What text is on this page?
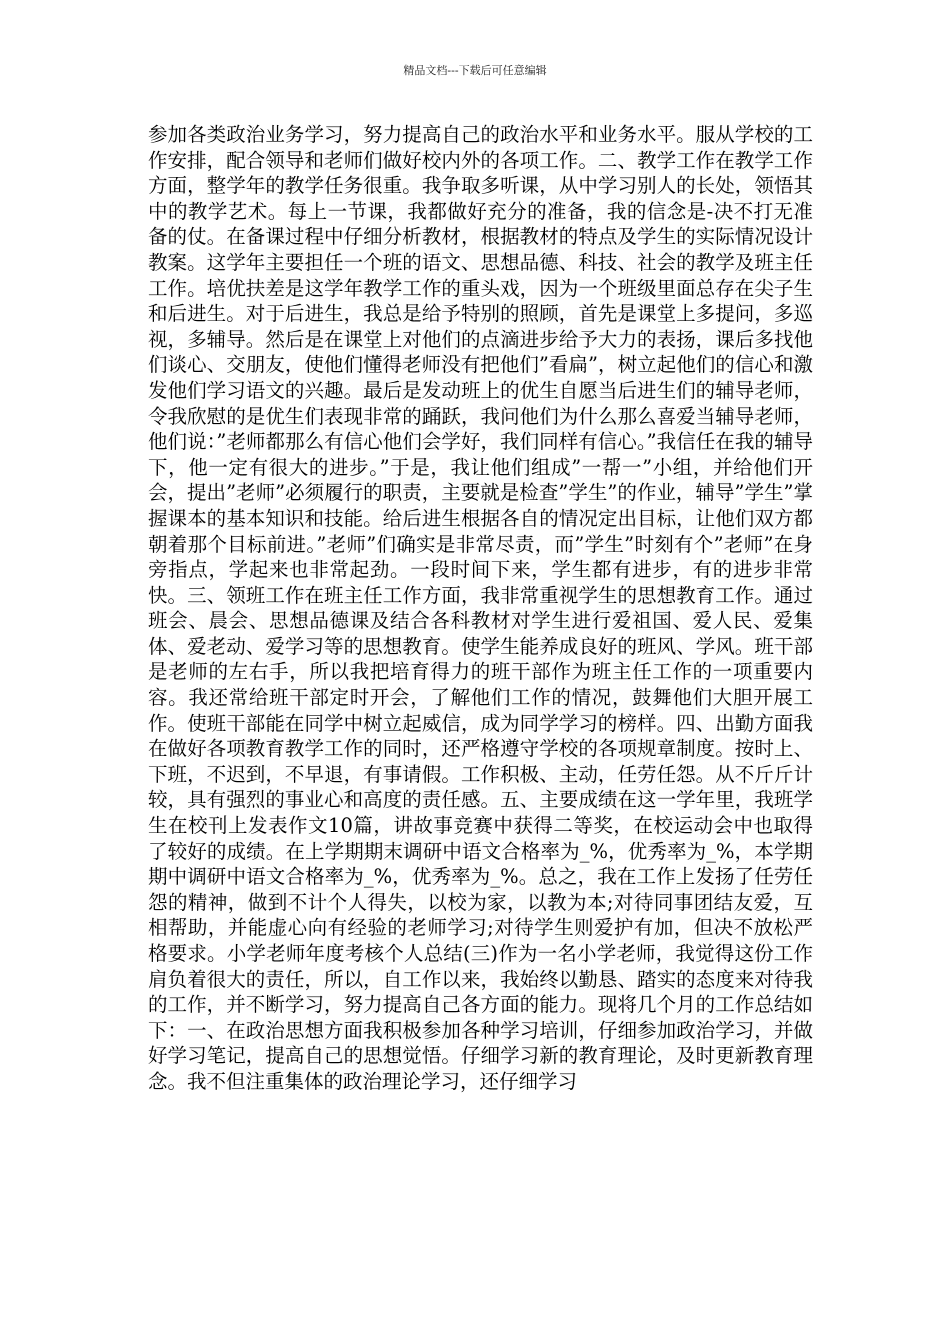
精品文档---下载后可任意编辑

参加各类政治业务学习，努力提高自己的政治水平和业务水平。服从学校的工作安排，配合领导和老师们做好校内外的各项工作。二、教学工作在教学工作方面，整学年的教学任务很重。我争取多听课，从中学习别人的长处，领悟其中的教学艺术。每上一节课，我都做好充分的准备，我的信念是-决不打无准备的仗。在备课过程中仔细分析教材，根据教材的特点及学生的实际情况设计教案。这学年主要担任一个班的语文、思想品德、科技、社会的教学及班主任工作。培优扶差是这学年教学工作的重头戏，因为一个班级里面总存在尖子生和后进生。对于后进生，我总是给予特别的照顾，首先是课堂上多提问，多巡视，多辅导。然后是在课堂上对他们的点滴进步给予大力的表扬，课后多找他们谈心、交朋友，使他们懂得老师没有把他们”看扁”，树立起他们的信心和激发他们学习语文的兴趣。最后是发动班上的优生自愿当后进生们的辅导老师，令我欣慰的是优生们表现非常的踊跃，我问他们为什么那么喜爱当辅导老师，他们说：”老师都那么有信心他们会学好，我们同样有信心。”我信任在我的辅导下，他一定有很大的进步。”于是，我让他们组成”一帮一”小组，并给他们开会，提出”老师”必须履行的职责，主要就是检查”学生”的作业，辅导”学生”掌握课本的基本知识和技能。给后进生根据各自的情况定出目标，让他们双方都朝着那个目标前进。”老师”们确实是非常尽责，而”学生”时刻有个”老师”在身旁指点，学起来也非常起劲。一段时间下来，学生都有进步，有的进步非常快。三、领班工作在班主任工作方面，我非常重视学生的思想教育工作。通过班会、晨会、思想品德课及结合各科教材对学生进行爱祖国、爱人民、爱集体、爱老动、爱学习等的思想教育。使学生能养成良好的班风、学风。班干部是老师的左右手，所以我把培育得力的班干部作为班主任工作的一项重要内容。我还常给班干部定时开会，了解他们工作的情况，鼓舞他们大胆开展工作。使班干部能在同学中树立起威信，成为同学学习的榜样。四、出勤方面我在做好各项教育教学工作的同时，还严格遵守学校的各项规章制度。按时上、下班，不迟到，不早退，有事请假。工作积极、主动，任劳任怨。从不斤斤计较，具有强烈的事业心和高度的责任感。五、主要成绩在这一学年里，我班学生在校刊上发表作文10篇，讲故事竞赛中获得二等奖，在校运动会中也取得了较好的成绩。在上学期期末调研中语文合格率为_%，优秀率为_%，本学期期中调研中语文合格率为_%，优秀率为_%。总之，我在工作上发扬了任劳任怨的精神，做到不计个人得失，以校为家，以教为本;对待同事团结友爱，互相帮助，并能虚心向有经验的老师学习;对待学生则爱护有加，但决不放松严格要求。小学老师年度考核个人总结(三)作为一名小学老师，我觉得这份工作肩负着很大的责任，所以，自工作以来，我始终以勤恳、踏实的态度来对待我的工作，并不断学习，努力提高自己各方面的能力。现将几个月的工作总结如下：一、在政治思想方面我积极参加各种学习培训，仔细参加政治学习，并做好学习笔记，提高自己的思想觉悟。仔细学习新的教育理论，及时更新教育理念。我不但注重集体的政治理论学习，还仔细学习
